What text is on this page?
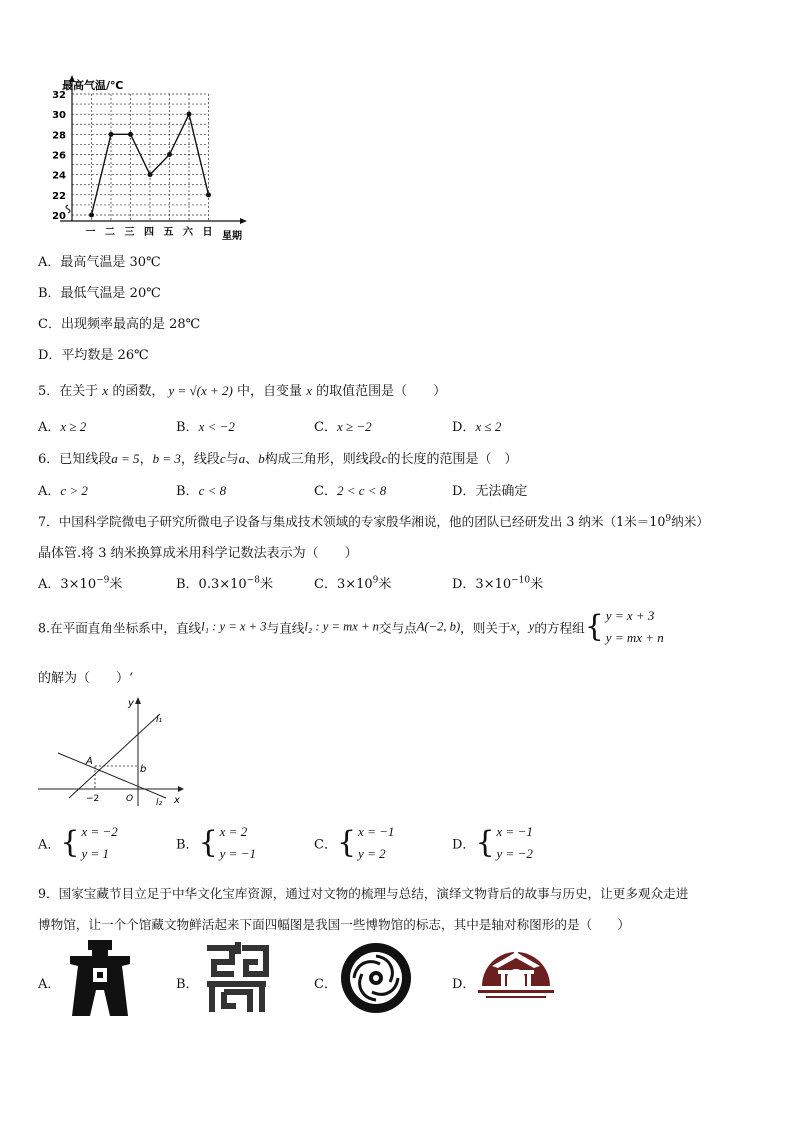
20
22
24
26
28
30
32
一 二 三 四 五 六 日
最高气温/℃
星期
A．最高气温是 30℃
B．最低气温是 20℃
C．出现频率最高的是 28℃
D．平均数是 26℃
5．在关于 x 的函数， y = √(x + 2) 中，自变量 x 的取值范围是（　　）
A．x ≥ 2	B．x < −2	C．x ≥ −2	D．x ≤ 2
6．已知线段a = 5，b = 3，线段c与a、b构成三角形，则线段c的长度的范围是（　）
A．c > 2	B．c < 8	C．2 < c < 8	D．无法确定
7．中国科学院微电子研究所微电子设备与集成技术领域的专家殷华湘说，他的团队已经研发出 3 纳米（1米$=10^9$纳米）
晶体管.将 3 纳米换算成米用科学记数法表示为（　　）
A．$3\times 10^{-9}$米	B．$0.3\times 10^{-8}$米	C．$3\times 10^9$米	D．$3\times 10^{-10}$米
8.在平面直角坐标系中，直线l₁ : y = x + 3与直线l₂ : y = mx + n交与点A(−2, b)，则关于x，y的方程组{ y = x + 3
y = mx + n
的解为（　　）‘
y
x
l₁
l₂
A
b
−2	O
A．{ x = −2
y = 1
B．{ x = 2
y = −1
C．{ x = −1
y = 2
D．{ x = −1
y = −2
9．国家宝藏节目立足于中华文化宝库资源，通过对文物的梳理与总结，演绎文物背后的故事与历史，让更多观众走进
博物馆，让一个个馆藏文物鲜活起来下面四幅图是我国一些博物馆的标志，其中是轴对称图形的是（　　）
A．	B．	C．	D．
